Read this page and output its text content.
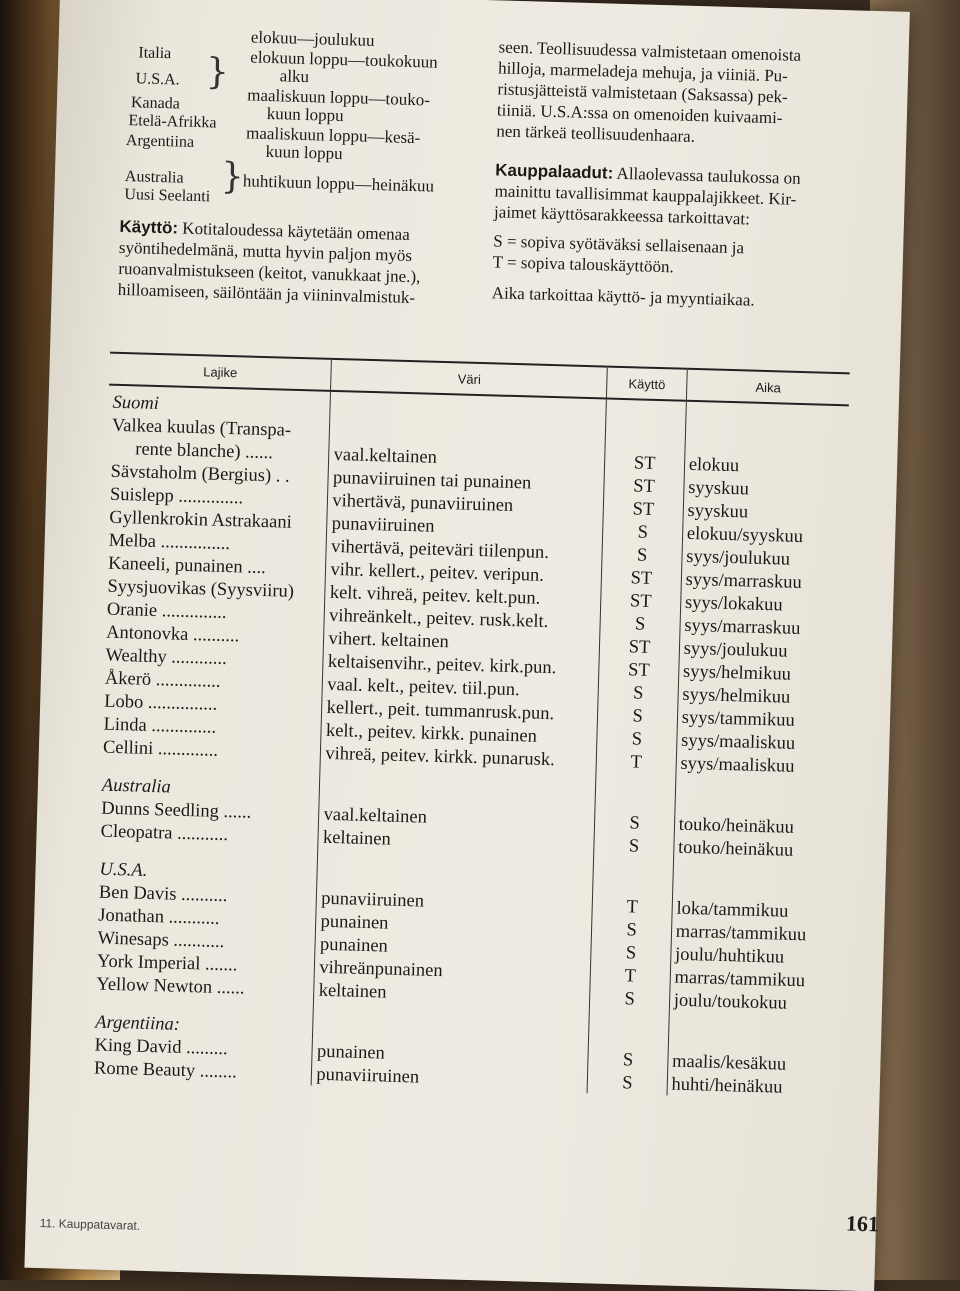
Italia
U.S.A. }
Kanada
Etelä-Afrikka
Argentiina
Australia
Uusi Seelanti }
elokuu—joulukuu
elokuun loppu—toukokuun
alku
maaliskuun loppu—touko-
kuun loppu
maaliskuun loppu—kesä-
kuun loppu
huhtikuun loppu—heinäkuu
Käyttö: Kotitaloudessa käytetään omenaa
syöntihedelmänä, mutta hyvin paljon myös
ruoanvalmistukseen (keitot, vanukkaat jne.),
hilloamiseen, säilöntään ja viininvalmistuk-
seen. Teollisuudessa valmistetaan omenoista
hilloja, marmeladeja mehuja, ja viiniä. Pu-
ristusjätteistä valmistetaan (Saksassa) pek-
tiiniä. U.S.A:ssa on omenoiden kuivaami-
nen tärkeä teollisuudenhaara.
Kauppalaadut: Allaolevassa taulukossa on
mainittu tavallisimmat kauppalajikkeet. Kir-
jaimet käyttösarakkeessa tarkoittavat:
S = sopiva syötäväksi sellaisenaan ja
T = sopiva talouskäyttöön.
Aika tarkoittaa käyttö- ja myyntiaikaa.
Lajike	Väri	Käyttö	Aika
Suomi			
Valkea kuulas (Transpa-			
rente blanche) ......	vaal.keltainen	ST	elokuu
Sävstaholm (Bergius) . .	punaviiruinen tai punainen	ST	syyskuu
Suislepp ..............	vihertävä, punaviiruinen	ST	syyskuu
Gyllenkrokin Astrakaani	punaviiruinen	S	elokuu/syyskuu
Melba ...............	vihertävä, peiteväri tiilenpun.	S	syys/joulukuu
Kaneeli, punainen ....	vihr. kellert., peitev. veripun.	ST	syys/marraskuu
Syysjuovikas (Syysviiru)	kelt. vihreä, peitev. kelt.pun.	ST	syys/lokakuu
Oranie ..............	vihreänkelt., peitev. rusk.kelt.	S	syys/marraskuu
Antonovka ..........	vihert. keltainen	ST	syys/joulukuu
Wealthy ............	keltaisenvihr., peitev. kirk.pun.	ST	syys/helmikuu
Åkerö ..............	vaal. kelt., peitev. tiil.pun.	S	syys/helmikuu
Lobo ...............	kellert., peit. tummanrusk.pun.	S	syys/tammikuu
Linda ..............	kelt., peitev. kirkk. punainen	S	syys/maaliskuu
Cellini .............	vihreä, peitev. kirkk. punarusk.	T	syys/maaliskuu
Australia			
Dunns Seedling ......	vaal.keltainen	S	touko/heinäkuu
Cleopatra ...........	keltainen	S	touko/heinäkuu
U.S.A.			
Ben Davis ..........	punaviiruinen	T	loka/tammikuu
Jonathan ...........	punainen	S	marras/tammikuu
Winesaps ...........	punainen	S	joulu/huhtikuu
York Imperial .......	vihreänpunainen	T	marras/tammikuu
Yellow Newton ......	keltainen	S	joulu/toukokuu
Argentiina:			
King David .........	punainen	S	maalis/kesäkuu
Rome Beauty ........	punaviiruinen	S	huhti/heinäkuu
11. Kauppatavarat.	161
